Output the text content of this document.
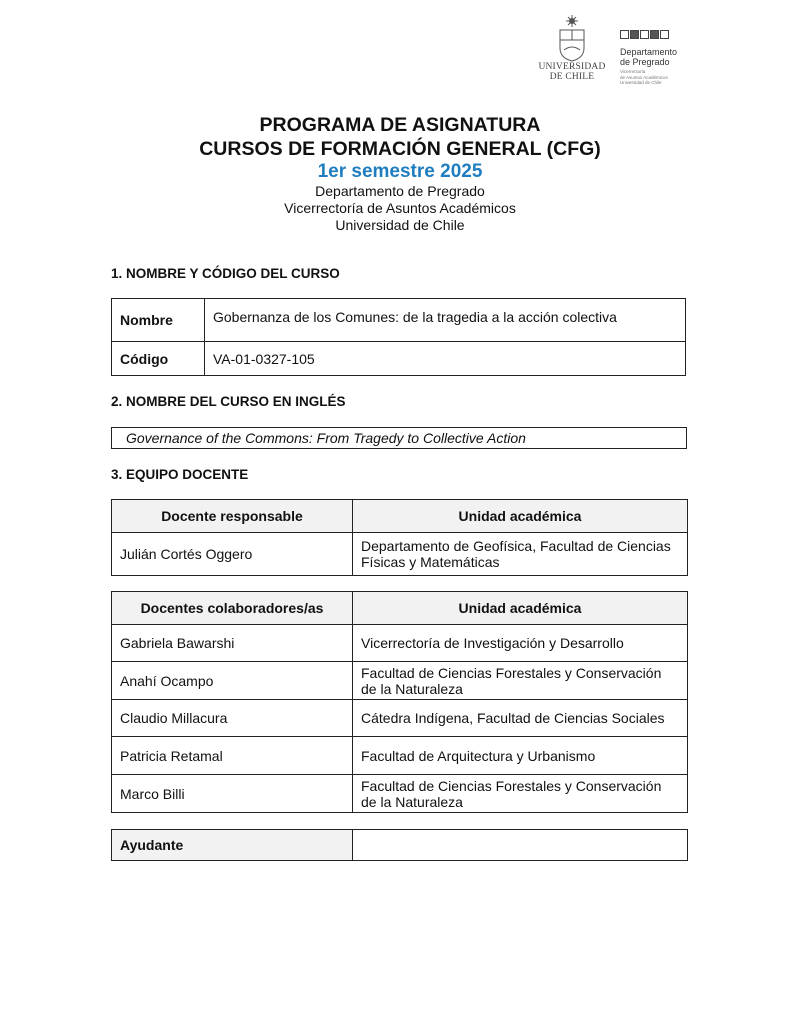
UNIVERSIDAD
DE CHILE
Departamento
de Pregrado
Vicerrectoría
de Asuntos Académicos
Universidad de Chile
PROGRAMA DE ASIGNATURA
CURSOS DE FORMACIÓN GENERAL (CFG)
1er semestre 2025
Departamento de Pregrado
Vicerrectoría de Asuntos Académicos
Universidad de Chile
1. NOMBRE Y CÓDIGO DEL CURSO
Nombre	Gobernanza de los Comunes: de la tragedia a la acción colectiva
Código	VA-01-0327-105
2. NOMBRE DEL CURSO EN INGLÉS
Governance of the Commons: From Tragedy to Collective Action
3. EQUIPO DOCENTE
Docente responsable	Unidad académica
Julián Cortés Oggero	Departamento de Geofísica, Facultad de Ciencias
Físicas y Matemáticas
Docentes colaboradores/as	Unidad académica
Gabriela Bawarshi	Vicerrectoría de Investigación y Desarrollo
Anahí Ocampo	Facultad de Ciencias Forestales y Conservación
de la Naturaleza
Claudio Millacura	Cátedra Indígena, Facultad de Ciencias Sociales
Patricia Retamal	Facultad de Arquitectura y Urbanismo
Marco Billi	Facultad de Ciencias Forestales y Conservación
de la Naturaleza
Ayudante	
